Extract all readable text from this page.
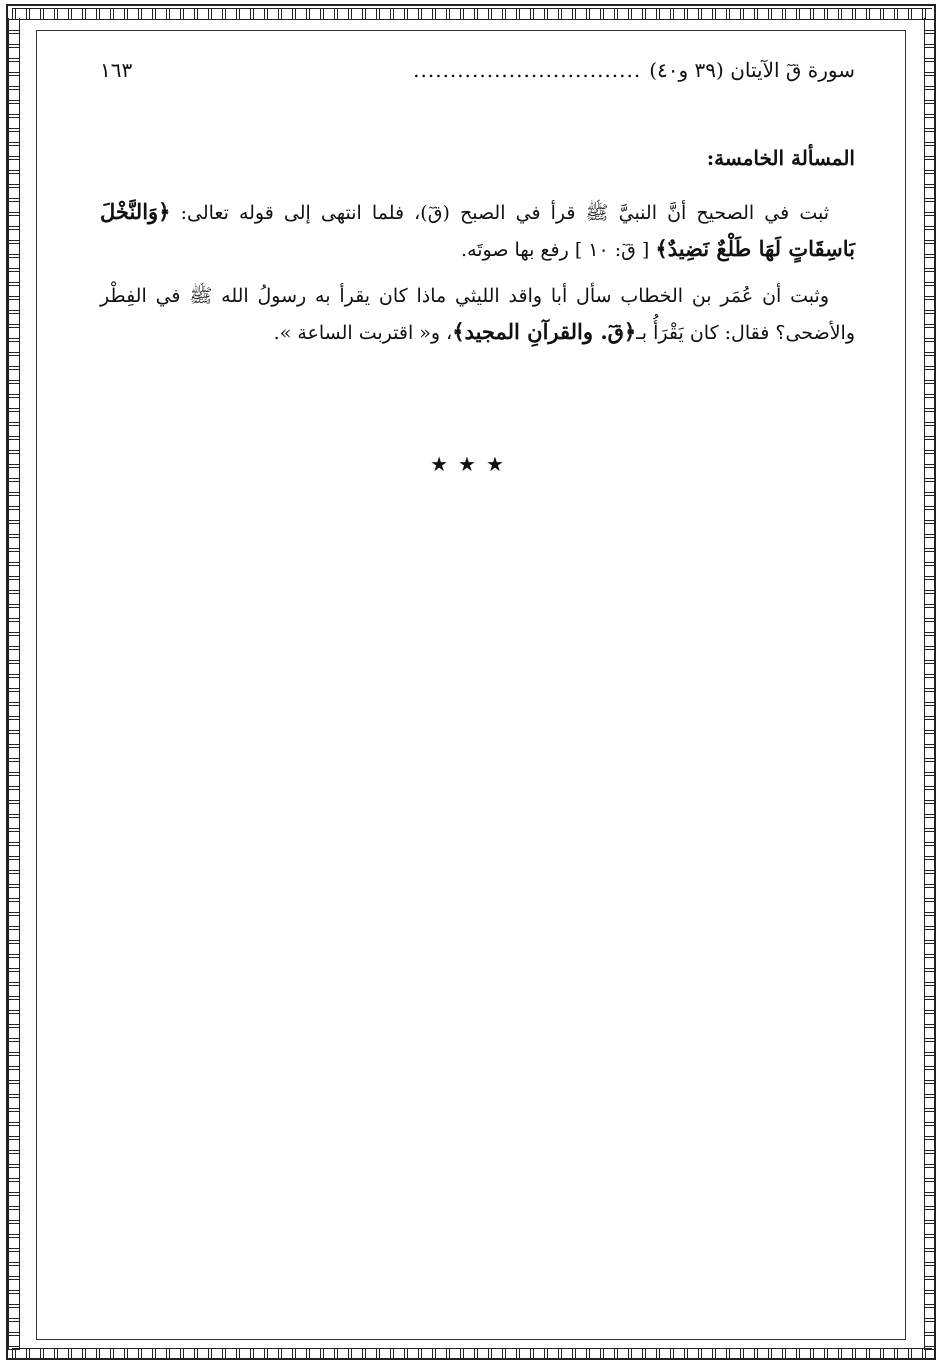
سورة قٓ الآيتان (٣٩ و٤٠)
...............................
١٦٣
المسألة الخامسة:

ثبت في الصحيح أنَّ النبيَّ ﷺ قرأ في الصبح (قٓ)، فلما انتهى إلى قوله تعالى: ﴿وَالنَّخْلَ بَاسِقَاتٍ لَهَا طَلْعٌ نَضِيدٌ﴾ [ قٓ: ١٠ ] رفع بها صوتَه.

وثبت أن عُمَر بن الخطاب سأل أبا واقد الليثي ماذا كان يقرأ به رسولُ الله ﷺ في الفِطْر والأضحى؟ فقال: كان يَقْرَأُ بـ﴿قٓ. والقرآنِ المجيد﴾، و« اقتربت الساعة ».

★★★
